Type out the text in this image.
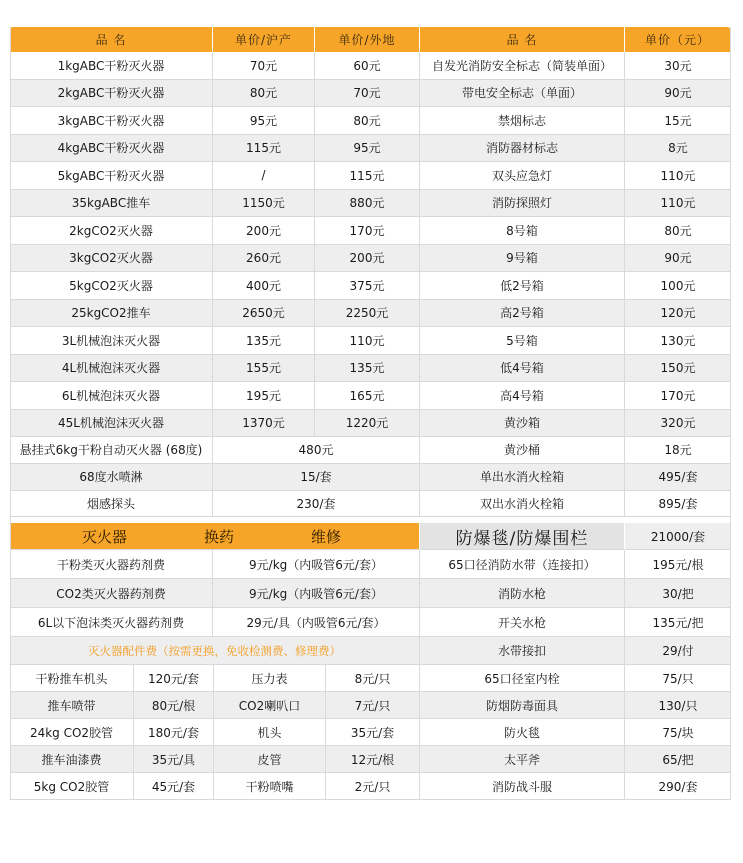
品 名	单价/沪产	单价/外地	品 名	单价（元）
1kgABC干粉灭火器	70元	60元	自发光消防安全标志（简装单面）	30元
2kgABC干粉灭火器	80元	70元	带电安全标志（单面）	90元
3kgABC干粉灭火器	95元	80元	禁烟标志	15元
4kgABC干粉灭火器	115元	95元	消防器材标志	8元
5kgABC干粉灭火器	/	115元	双头应急灯	110元
35kgABC推车	1150元	880元	消防探照灯	110元
2kgCO2灭火器	200元	170元	8号箱	80元
3kgCO2灭火器	260元	200元	9号箱	90元
5kgCO2灭火器	400元	375元	低2号箱	100元
25kgCO2推车	2650元	2250元	高2号箱	120元
3L机械泡沫灭火器	135元	110元	5号箱	130元
4L机械泡沫灭火器	155元	135元	低4号箱	150元
6L机械泡沫灭火器	195元	165元	高4号箱	170元
45L机械泡沫灭火器	1370元	1220元	黄沙箱	320元
悬挂式6kg干粉自动灭火器 (68度)	480元	黄沙桶	18元
68度水喷淋	15/套	单出水消火栓箱	495/套
烟感探头	230/套	双出水消火栓箱	895/套
灭火器	换药	维修	防爆毯/防爆围栏	21000/套
干粉类灭火器药剂费	9元/kg（内吸管6元/套）	65口径消防水带（连接扣）	195元/根
CO2类灭火器药剂费	9元/kg（内吸管6元/套）	消防水枪	30/把
6L以下泡沫类灭火器药剂费	29元/具（内吸管6元/套）	开关水枪	135元/把
灭火器配件费（按需更换，免收检测费、修理费）	水带接扣	29/付
干粉推车机头	120元/套	压力表	8元/只	65口径室内栓	75/只
推车喷带	80元/根	CO2喇叭口	7元/只	防烟防毒面具	130/只
24kg CO2胶管	180元/套	机头	35元/套	防火毯	75/块
推车油漆费	35元/具	皮管	12元/根	太平斧	65/把
5kg CO2胶管	45元/套	干粉喷嘴	2元/只	消防战斗服	290/套
